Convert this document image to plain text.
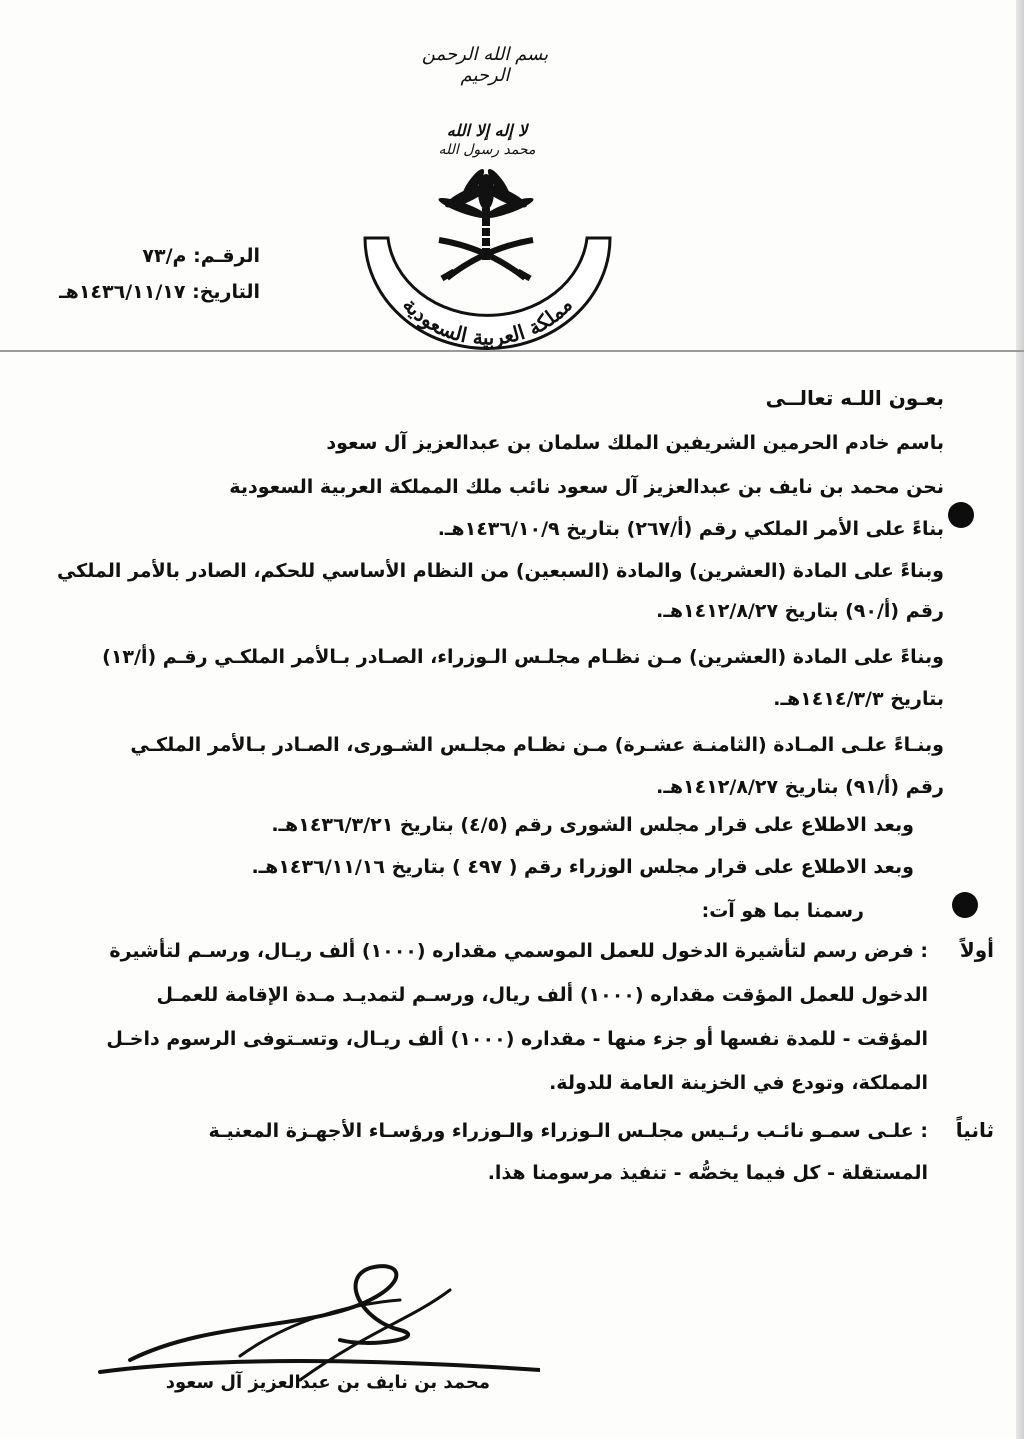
بسم الله الرحمن الرحيم
لا إله إلا الله
محمد رسول الله
مملكة العربية السعودية
الرقـم: م/٧٣
التاريخ: ١٤٣٦/١١/١٧هـ
بعـون اللـه تعالــى
باسم خادم الحرمين الشريفين الملك سلمان بن عبدالعزيز آل سعود
نحن محمد بن نايف بن عبدالعزيز آل سعود نائب ملك المملكة العربية السعودية
بناءً على الأمر الملكي رقم (أ/٢٦٧) بتاريخ ١٤٣٦/١٠/٩هـ.
وبناءً على المادة (العشرين) والمادة (السبعين) من النظام الأساسي للحكم، الصادر بالأمر الملكي
رقم (أ/٩٠) بتاريخ ١٤١٢/٨/٢٧هـ.
وبناءً على المادة (العشرين) مـن نظـام مجلـس الـوزراء، الصـادر بـالأمر الملكـي رقـم (أ/١٣)
بتاريخ ١٤١٤/٣/٣هـ.
وبنـاءً علـى المـادة (الثامنـة عشـرة) مـن نظـام مجلـس الشـورى، الصـادر بـالأمر الملكـي
رقم (أ/٩١) بتاريخ ١٤١٢/٨/٢٧هـ.
وبعد الاطلاع على قرار مجلس الشورى رقم (٤/٥) بتاريخ ١٤٣٦/٣/٢١هـ.
وبعد الاطلاع على قرار مجلس الوزراء رقم ( ٤٩٧ ) بتاريخ ١٤٣٦/١١/١٦هـ.
رسمنا بما هو آت:
أولاً
: فرض رسم لتأشيرة الدخول للعمل الموسمي مقداره (١٠٠٠) ألف ريـال، ورسـم لتأشيرة
الدخول للعمل المؤقت مقداره (١٠٠٠) ألف ريال، ورسـم لتمديـد مـدة الإقامة للعمـل
المؤقت - للمدة نفسها أو جزء منها - مقداره (١٠٠٠) ألف ريـال، وتسـتوفى الرسوم داخـل
المملكة، وتودع في الخزينة العامة للدولة.
ثانياً
: علـى سمـو نائـب رئـيس مجلـس الـوزراء والـوزراء ورؤسـاء الأجهـزة المعنيـة
المستقلة - كل فيما يخصُّه - تنفيذ مرسومنا هذا.
محمد بن نايف بن عبدالعزيز آل سعود
